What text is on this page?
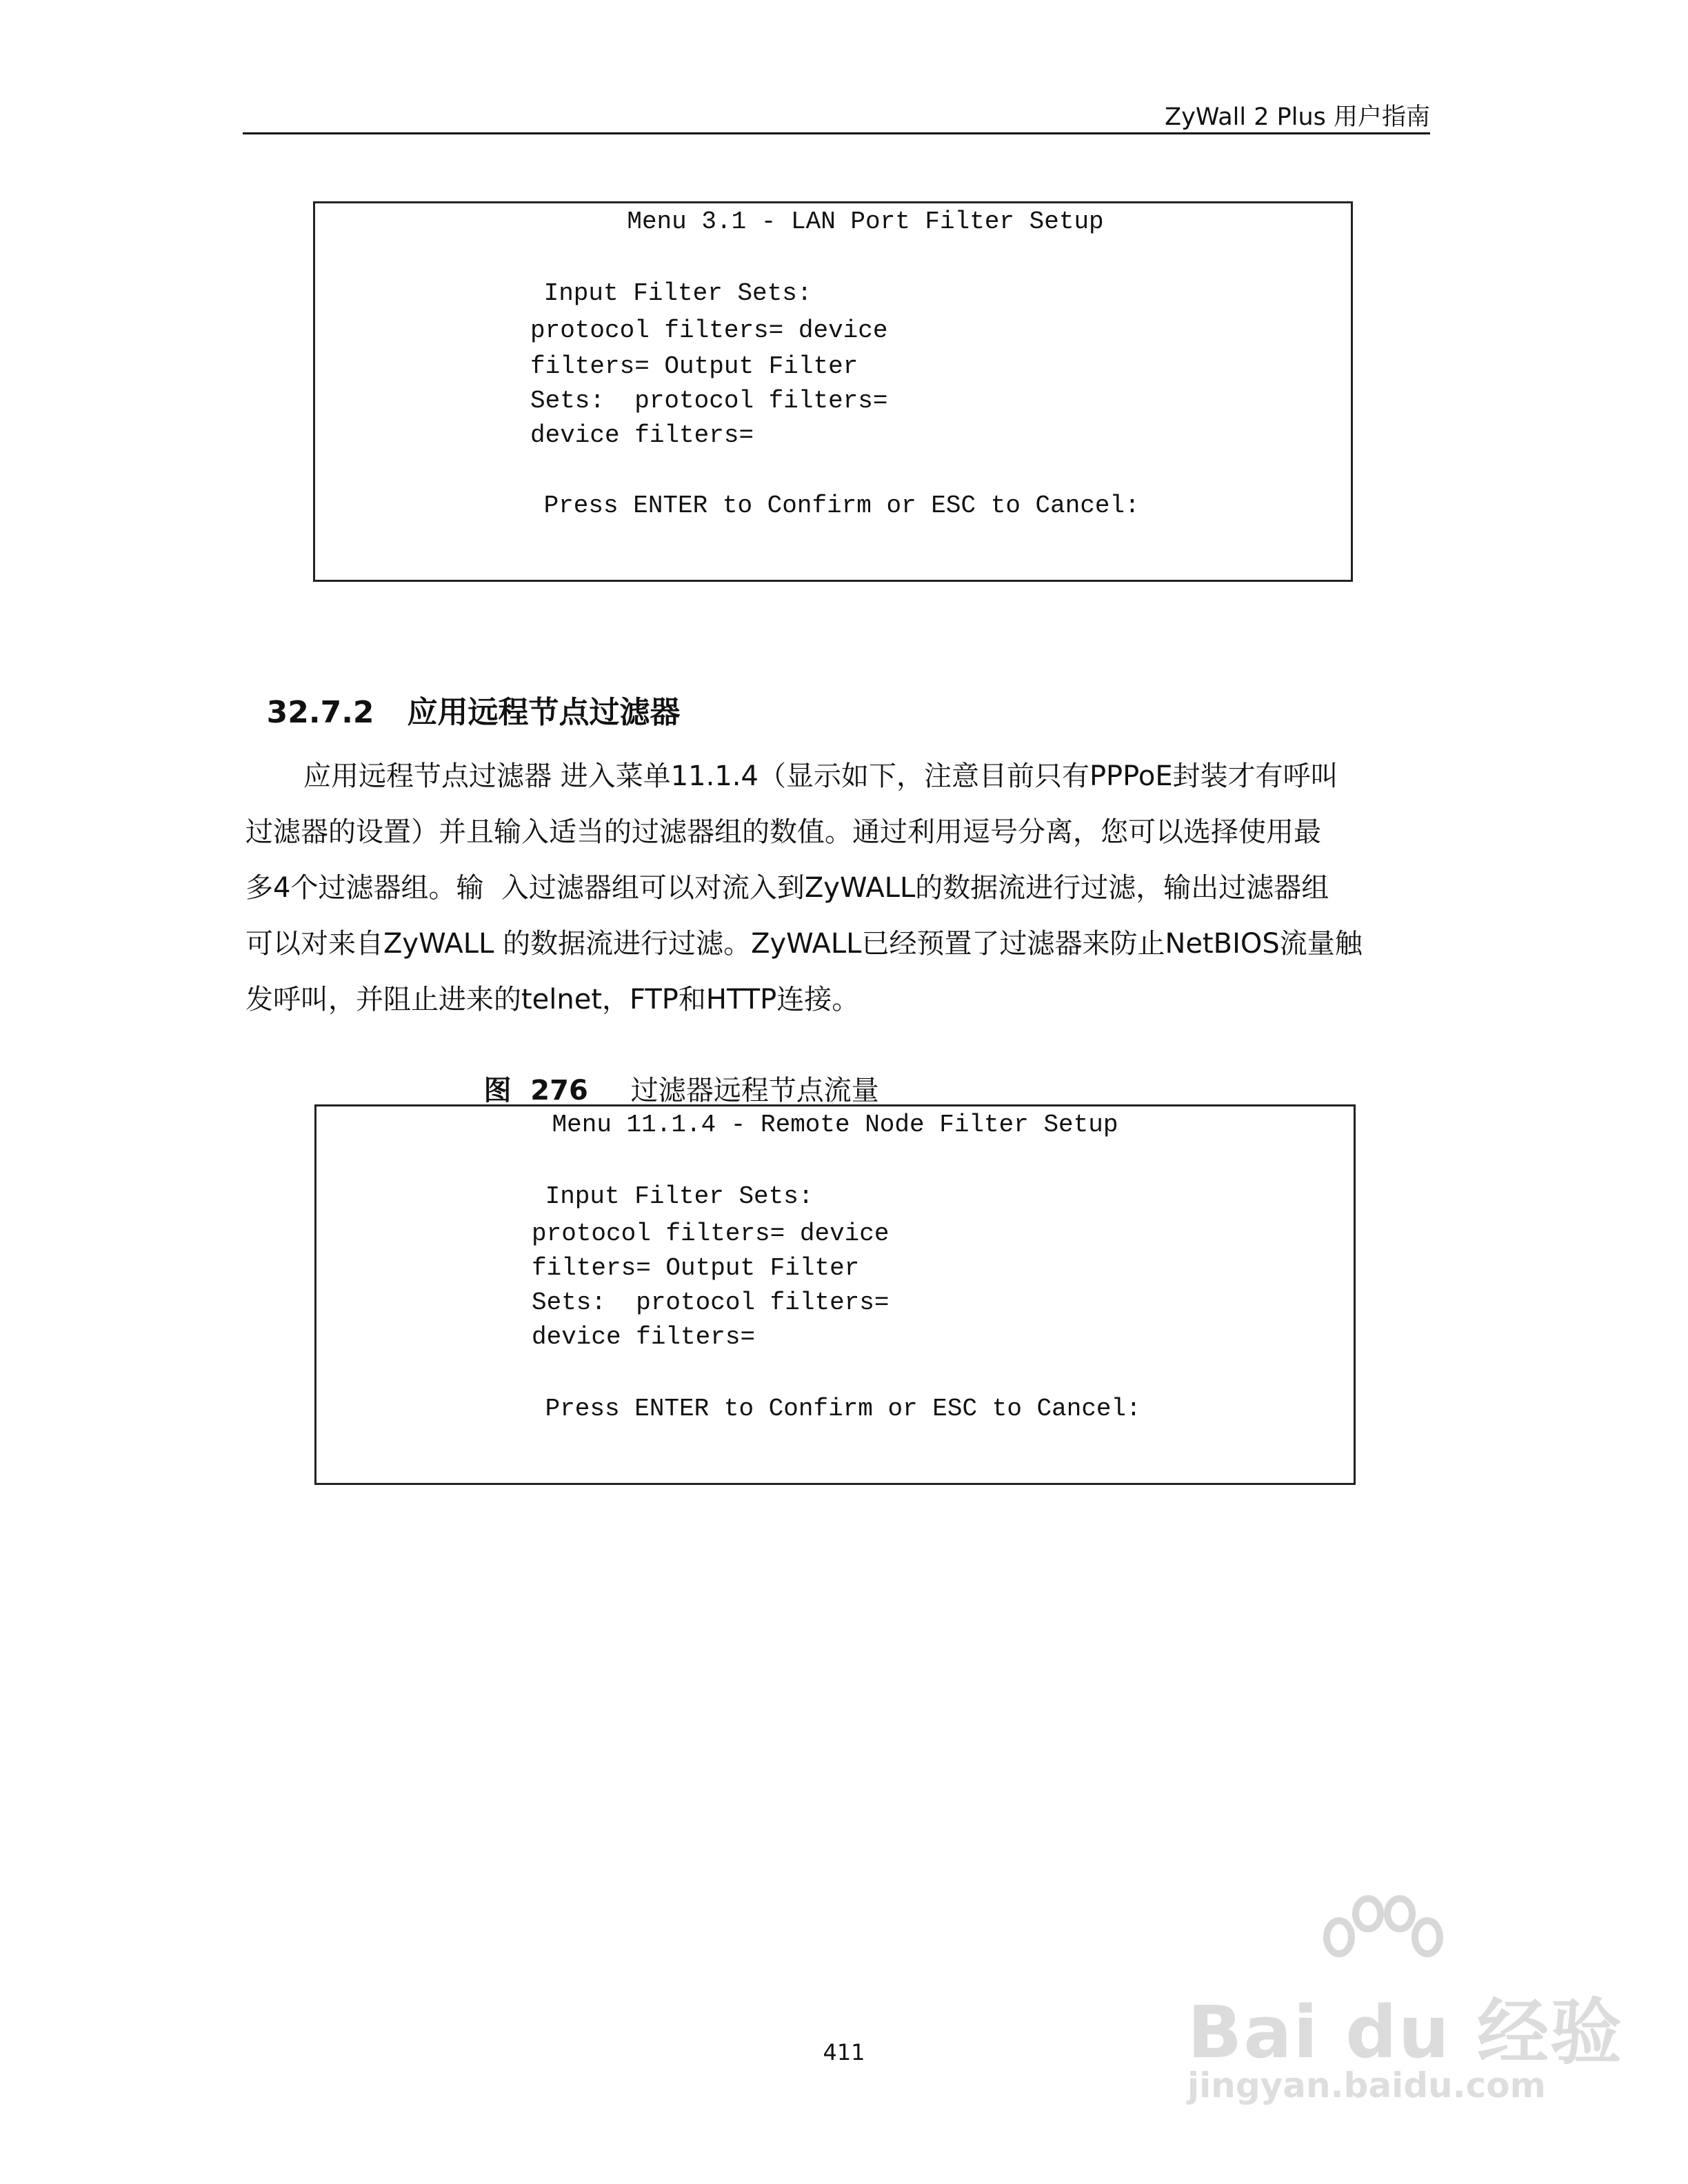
ZyWall 2 Plus 用户指南
Menu 3.1 - LAN Port Filter Setup
Input Filter Sets:
protocol filters= device
filters= Output Filter
Sets:  protocol filters=
device filters=
Press ENTER to Confirm or ESC to Cancel:

32.7.2 应用远程节点过滤器

应用远程节点过滤器 进入菜单11.1.4（显示如下，注意目前只有PPPoE封装才有呼叫
过滤器的设置）并且输入适当的过滤器组的数值。通过利用逗号分离，您可以选择使用最
多4个过滤器组。输  入过滤器组可以对流入到ZyWALL的数据流进行过滤，输出过滤器组
可以对来自ZyWALL 的数据流进行过滤。ZyWALL已经预置了过滤器来防止NetBIOS流量触
发呼叫，并阻止进来的telnet，FTP和HTTP连接。

图  276 过滤器远程节点流量

Menu 11.1.4 - Remote Node Filter Setup
Input Filter Sets:
protocol filters= device
filters= Output Filter
Sets:  protocol filters=
device filters=
Press ENTER to Confirm or ESC to Cancel:
411	Bai du 经验
jingyan.baidu.com
